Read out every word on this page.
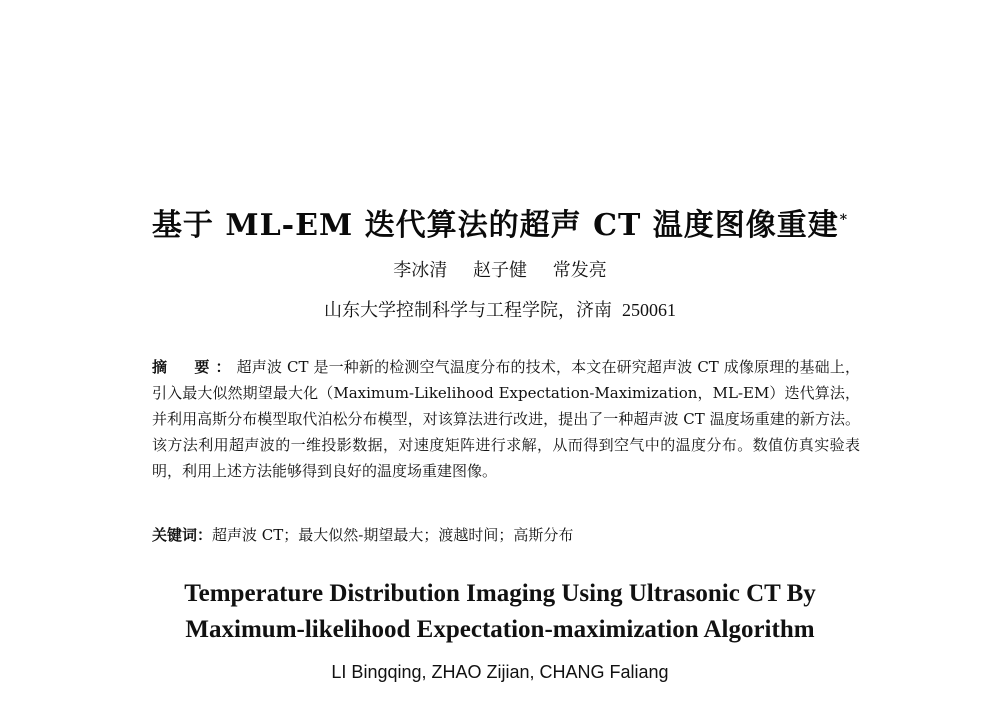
基于 ML-EM 迭代算法的超声 CT 温度图像重建*
李冰清 赵子健 常发亮
山东大学控制科学与工程学院，济南 250061
摘　要：超声波 CT 是一种新的检测空气温度分布的技术，本文在研究超声波 CT 成像原理的基础上，引入最大似然期望最大化（Maximum-Likelihood Expectation-Maximization，ML-EM）迭代算法，并利用高斯分布模型取代泊松分布模型，对该算法进行改进，提出了一种超声波 CT 温度场重建的新方法。该方法利用超声波的一维投影数据，对速度矩阵进行求解，从而得到空气中的温度分布。数值仿真实验表明，利用上述方法能够得到良好的温度场重建图像。
关键词：超声波 CT；最大似然-期望最大；渡越时间；高斯分布
Temperature Distribution Imaging Using Ultrasonic CT By
Maximum-likelihood Expectation-maximization Algorithm
LI Bingqing, ZHAO Zijian, CHANG Faliang
